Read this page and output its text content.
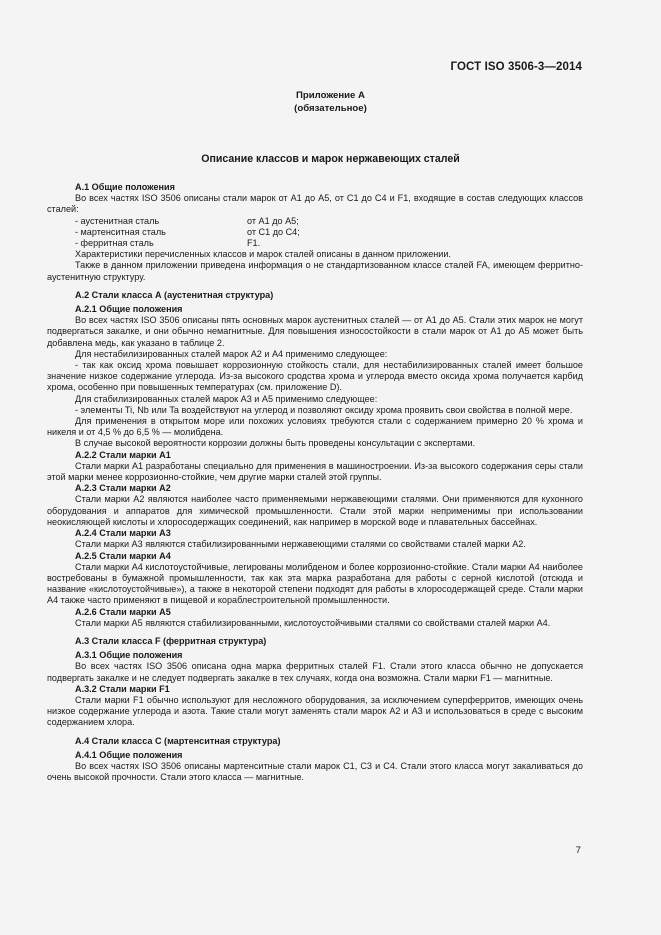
ГОСТ ISO 3506-3—2014
Приложение А
(обязательное)
Описание классов и марок нержавеющих сталей

А.1 Общие положения

Во всех частях ISO 3506 описаны стали марок от А1 до А5, от С1 до С4 и F1, входящие в состав следующих классов сталей:

- аустенитная сталь	от А1 до А5;
- мартенситная сталь	от С1 до С4;
- ферритная сталь	F1.

Характеристики перечисленных классов и марок сталей описаны в данном приложении.

Также в данном приложении приведена информация о не стандартизованном классе сталей FA, имеющем ферритно-аустенитную структуру.

А.2 Стали класса А (аустенитная структура)

А.2.1 Общие положения

Во всех частях ISO 3506 описаны пять основных марок аустенитных сталей — от А1 до А5. Стали этих марок не могут подвергаться закалке, и они обычно немагнитные. Для повышения износостойкости в стали марок от А1 до А5 может быть добавлена медь, как указано в таблице 2.

Для нестабилизированных сталей марок А2 и А4 применимо следующее:

- так как оксид хрома повышает коррозионную стойкость стали, для нестабилизированных сталей имеет большое значение низкое содержание углерода. Из-за высокого сродства хрома и углерода вместо оксида хрома получается карбид хрома, особенно при повышенных температурах (см. приложение D).

Для стабилизированных сталей марок А3 и А5 применимо следующее:

- элементы Ti, Nb или Ta воздействуют на углерод и позволяют оксиду хрома проявить свои свойства в полной мере.

Для применения в открытом море или похожих условиях требуются стали с содержанием примерно 20 % хрома и никеля и от 4,5 % до 6,5 % — молибдена.

В случае высокой вероятности коррозии должны быть проведены консультации с экспертами.

А.2.2 Стали марки А1

Стали марки А1 разработаны специально для применения в машиностроении. Из-за высокого содержания серы стали этой марки менее коррозионно-стойкие, чем другие марки сталей этой группы.

А.2.3 Стали марки А2

Стали марки А2 являются наиболее часто применяемыми нержавеющими сталями. Они применяются для кухонного оборудования и аппаратов для химической промышленности. Стали этой марки неприменимы при использовании неокисляющей кислоты и хлоросодержащих соединений, как например в морской воде и плавательных бассейнах.

А.2.4 Стали марки А3

Стали марки А3 являются стабилизированными нержавеющими сталями со свойствами сталей марки А2.

А.2.5 Стали марки А4

Стали марки А4 кислотоустойчивые, легированы молибденом и более коррозионно-стойкие. Стали марки А4 наиболее востребованы в бумажной промышленности, так как эта марка разработана для работы с серной кислотой (отсюда и название «кислотоустойчивые»), а также в некоторой степени подходят для работы в хлоросодержащей среде. Стали марки А4 также часто применяют в пищевой и кораблестроительной промышленности.

А.2.6 Стали марки А5

Стали марки А5 являются стабилизированными, кислотоустойчивыми сталями со свойствами сталей марки А4.

А.3 Стали класса F (ферритная структура)

А.3.1 Общие положения

Во всех частях ISO 3506 описана одна марка ферритных сталей F1. Стали этого класса обычно не допускается подвергать закалке и не следует подвергать закалке в тех случаях, когда она возможна. Стали марки F1 — магнитные.

А.3.2 Стали марки F1

Стали марки F1 обычно используют для несложного оборудования, за исключением суперферритов, имеющих очень низкое содержание углерода и азота. Такие стали могут заменять стали марок А2 и А3 и использоваться в среде с высоким содержанием хлора.

А.4 Стали класса С (мартенситная структура)

А.4.1 Общие положения

Во всех частях ISO 3506 описаны мартенситные стали марок С1, С3 и С4. Стали этого класса могут закаливаться до очень высокой прочности. Стали этого класса — магнитные.

7
